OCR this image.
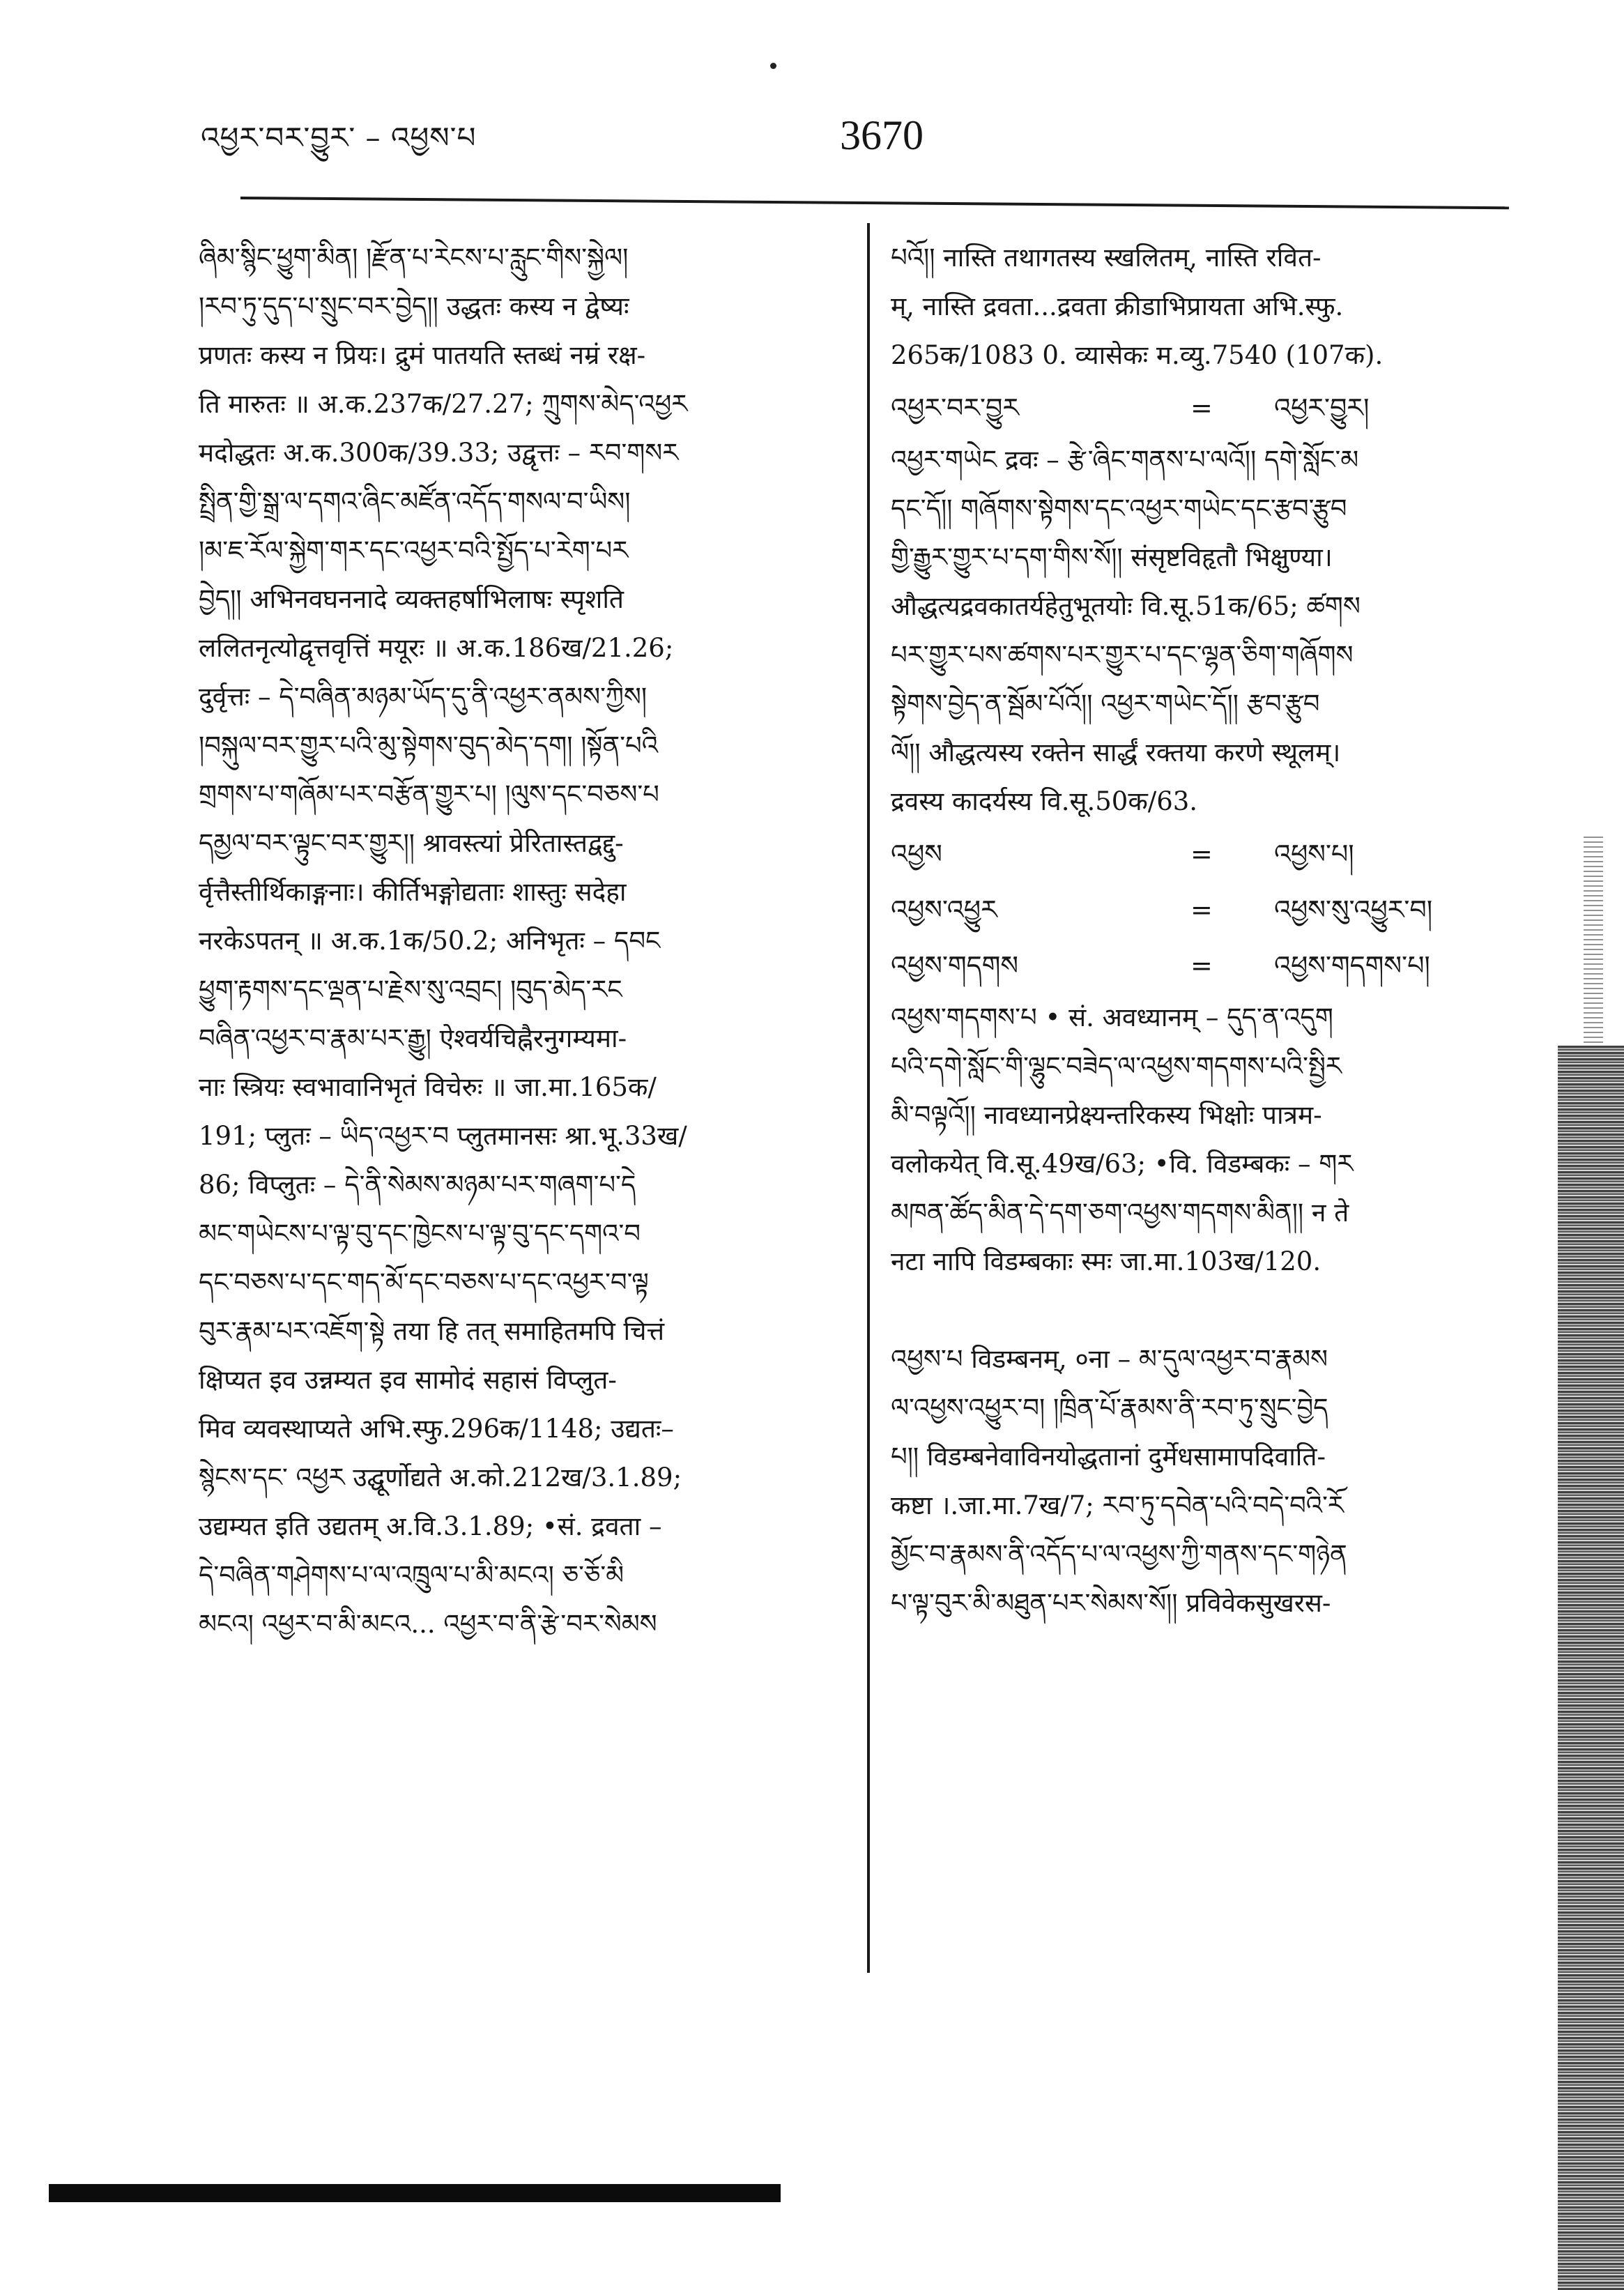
འཕྱར་བར་བྱུར་ – འཕྱས་པ	3670
ཞིམ་སྙིང་ཕྱུག་མིན། །རྫོན་པ་རེངས་པ་རླུང་གིས་སྐྱེལ།
།རབ་ཏུ་དུད་པ་སྲུང་བར་བྱེད།། उद्धतः कस्य न द्वेष्यः
प्रणतः कस्य न प्रियः। द्रुमं पातयति स्तब्धं नम्रं रक्ष-
ति मारुतः ॥ अ.क.237क/27.27; ཀྲུགས་མེད་འཕྱར
मदोद्धतः अ.क.300क/39.33; उद्वृत्तः – རབ་གསར
སྤྲིན་གྱི་སྒྲ་ལ་དགའ་ཞིང་མཛོན་འདོད་གསལ་བ་ཡིས།
།མ་ཇ་རོལ་སྐྱེག་གར་དང་འཕྱར་བའི་སྤྱོད་པ་རེག་པར
བྱེད།། अभिनवघननादे व्यक्तहर्षाभिलाषः स्पृशति
ललितनृत्योद्वृत्तवृत्तिं मयूरः ॥ अ.क.186ख/21.26;
दुर्वृत्तः – དེ་བཞིན་མཉམ་ཡོད་དུ་ནི་འཕྱར་ནམས་ཀྱིས།
།བསྐུལ་བར་གྱུར་པའི་མུ་སྟེགས་བུད་མེད་དག། །སྟོན་པའི
གྲགས་པ་གཞོམ་པར་བརྩོན་གྱུར་པ། །ལུས་དང་བཅས་པ
དམྱལ་བར་ལྟུང་བར་གྱུར།། श्रावस्त्यां प्रेरितास्तद्वद्दु-
र्वृत्तैस्तीर्थिकाङ्गनाः। कीर्तिभङ्गोद्यताः शास्तुः सदेहा
नरकेऽपतन् ॥ अ.क.1क/50.2; अनिभृतः – དབང
ཕྱུག་རྟགས་དང་ལྡན་པ་རྗེས་སུ་འབྲང། །བུད་མེད་རང
བཞིན་འཕྱར་བ་རྣམ་པར་རྒྱུ། ऐश्वर्यचिह्नैरनुगम्यमा-
नाः स्त्रियः स्वभावानिभृतं विचेरुः ॥ जा.मा.165क/
191; प्लुतः – ཡིད་འཕྱར་བ प्लुतमानसः श्रा.भू.33ख/
86; विप्लुतः – དེ་ནི་སེམས་མཉམ་པར་གཞག་པ་དེ
མང་གཡེངས་པ་ལྟ་བུ་དང་ཁྱེངས་པ་ལྟ་བུ་དང་དགའ་བ
དང་བཅས་པ་དང་གད་མོ་དང་བཅས་པ་དང་འཕྱར་བ་ལྟ
བུར་རྣམ་པར་འཇོག་སྟེ तया हि तत् समाहितमपि चित्तं
क्षिप्यत इव उन्नम्यत इव सामोदं सहासं विप्लुत-
मिव व्यवस्थाप्यते अभि.स्फु.296क/1148; उद्यतः–
སྙེངས་དང་ འཕྱར उद्घूर्णोद्यते अ.को.212ख/3.1.89;
उद्यम्यत इति उद्यतम् अ.वि.3.1.89; •सं. द्रवता –
དེ་བཞིན་གཤེགས་པ་ལ་འཁྲུལ་པ་མི་མངའ། ཅ་ཅོ་མི
མངའ། འཕྱར་བ་མི་མངའ... འཕྱར་བ་ནི་རྩེ་བར་སེམས
པའོ།། नास्ति तथागतस्य स्खलितम्, नास्ति रवित-
म्, नास्ति द्रवता...द्रवता क्रीडाभिप्रायता अभि.स्फु.
265क/1083 0. व्यासेकः म.व्यु.7540 (107क).
འཕྱར་བར་བྱུར	=	འཕྱར་བྱུར།
འཕྱར་གཡེང द्रवः – རྩེ་ཞིང་གནས་པ་ལའོ།། དགེ་སློང་མ
དང་དོ།། གཞོགས་སྟེགས་དང་འཕྱར་གཡེང་དང་རྩབ་རྩུབ
གྱི་རྒྱུར་གྱུར་པ་དག་གིས་སོ།། संसृष्टविहृतौ भिक्षुण्या।
औद्धत्यद्रवकातर्यहेतुभूतयोः वि.सू.51क/65; ཚགས
པར་གྱུར་པས་ཚགས་པར་གྱུར་པ་དང་ལྷན་ཅིག་གཞོགས
སྟེགས་བྱེད་ན་སྦོམ་པོའོ།། འཕྱར་གཡེང་དོ།། རྩབ་རྩུབ
ལོ།། औद्धत्यस्य रक्तेन सार्द्धं रक्तया करणे स्थूलम्।
द्रवस्य कादर्यस्य वि.सू.50क/63.
འཕྱས	=	འཕྱས་པ།
འཕྱས་འཕྱུར	=	འཕྱས་སུ་འཕྱུར་བ།
འཕྱས་གདགས	=	འཕྱས་གདགས་པ།
འཕྱས་གདགས་པ • सं. अवध्यानम् – དུད་ན་འདུག
པའི་དགེ་སློང་གི་ལྷུང་བཟེད་ལ་འཕྱས་གདགས་པའི་སྤྱིར
མི་བལྟའོ།། नावध्यानप्रेक्ष्यन्तरिकस्य भिक्षोः पात्रम-
वलोकयेत् वि.सू.49ख/63; •वि. विडम्बकः – གར
མཁན་ཚོད་མིན་དེ་དག་ཅག་འཕྱས་གདགས་མིན།། न ते
नटा नापि विडम्बकाः स्मः जा.मा.103ख/120.
འཕྱས་པ विडम्बनम्, ०ना – མ་དུལ་འཕྱར་བ་རྣམས
ལ་འཕྱས་འཕྱུར་བ། །ཁྲིན་པོ་རྣམས་ནི་རབ་ཏུ་སྲུང་བྱེད
པ།། विडम्बनेवाविनयोद्धतानां दुर्मेधसामापदिवाति-
कष्टा ।.जा.मा.7ख/7; རབ་ཏུ་དབེན་པའི་བདེ་བའི་རོ
མྱོང་བ་རྣམས་ནི་འདོད་པ་ལ་འཕྱས་ཀྱི་གནས་དང་གཉེན
པ་ལྟ་བུར་མི་མཐུན་པར་སེམས་སོ།། प्रविवेकसुखरस-
